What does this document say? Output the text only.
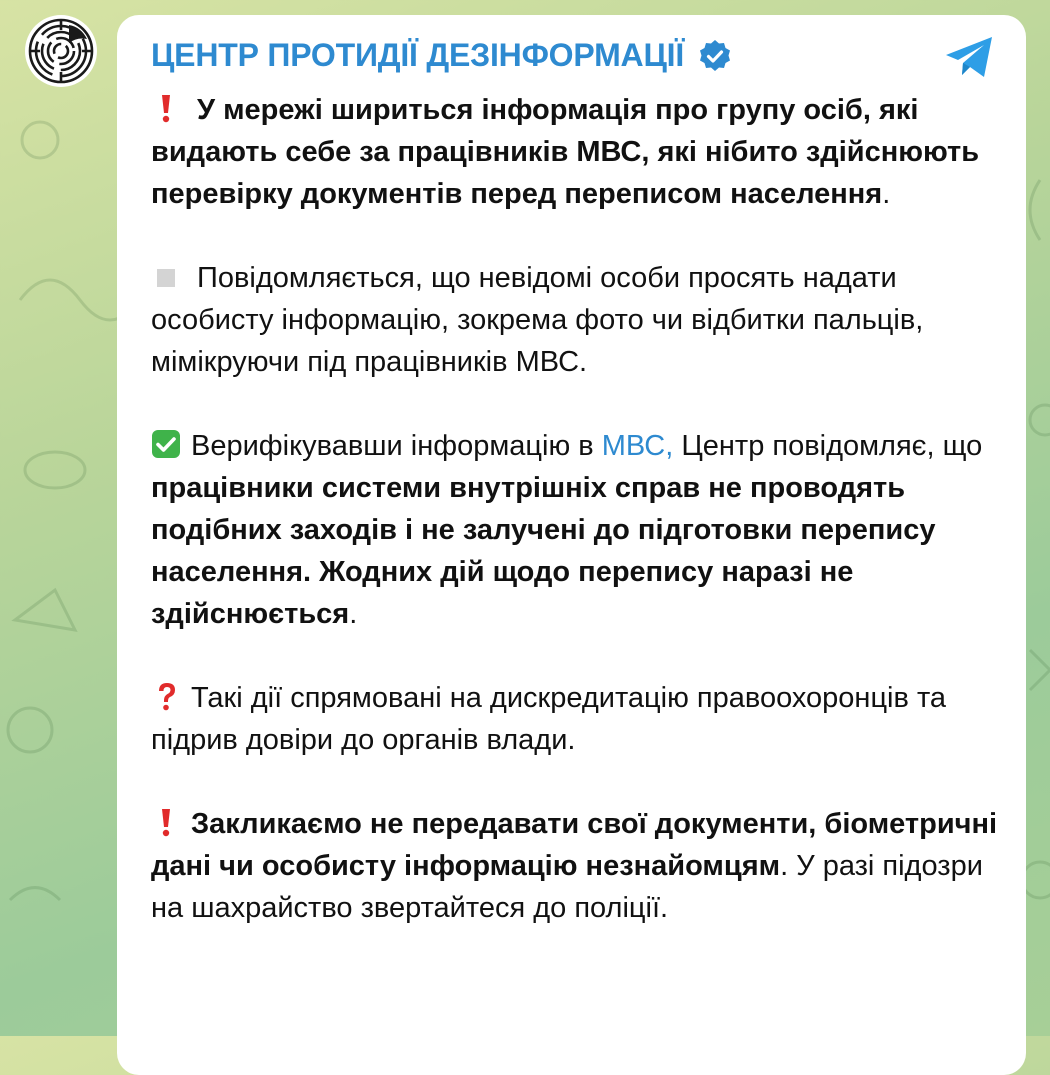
ЦЕНТР ПРОТИДІЇ ДЕЗІНФОРМАЦІЇ

У мережі шириться інформація про групу осіб, які видають себе за працівників МВС, які нібито здійснюють перевірку документів перед переписом населення.

Повідомляється, що невідомі особи просять надати особисту інформацію, зокрема фото чи відбитки пальців, мімікруючи під працівників МВС.

Верифікувавши інформацію в МВС, Центр повідомляє, що працівники системи внутрішніх справ не проводять подібних заходів і не залучені до підготовки перепису населення. Жодних дій щодо перепису наразі не здійснюється.

Такі дії спрямовані на дискредитацію правоохоронців та підрив довіри до органів влади.

Закликаємо не передавати свої документи, біометричні дані чи особисту інформацію незнайомцям. У разі підозри на шахрайство звертайтеся до поліції.
